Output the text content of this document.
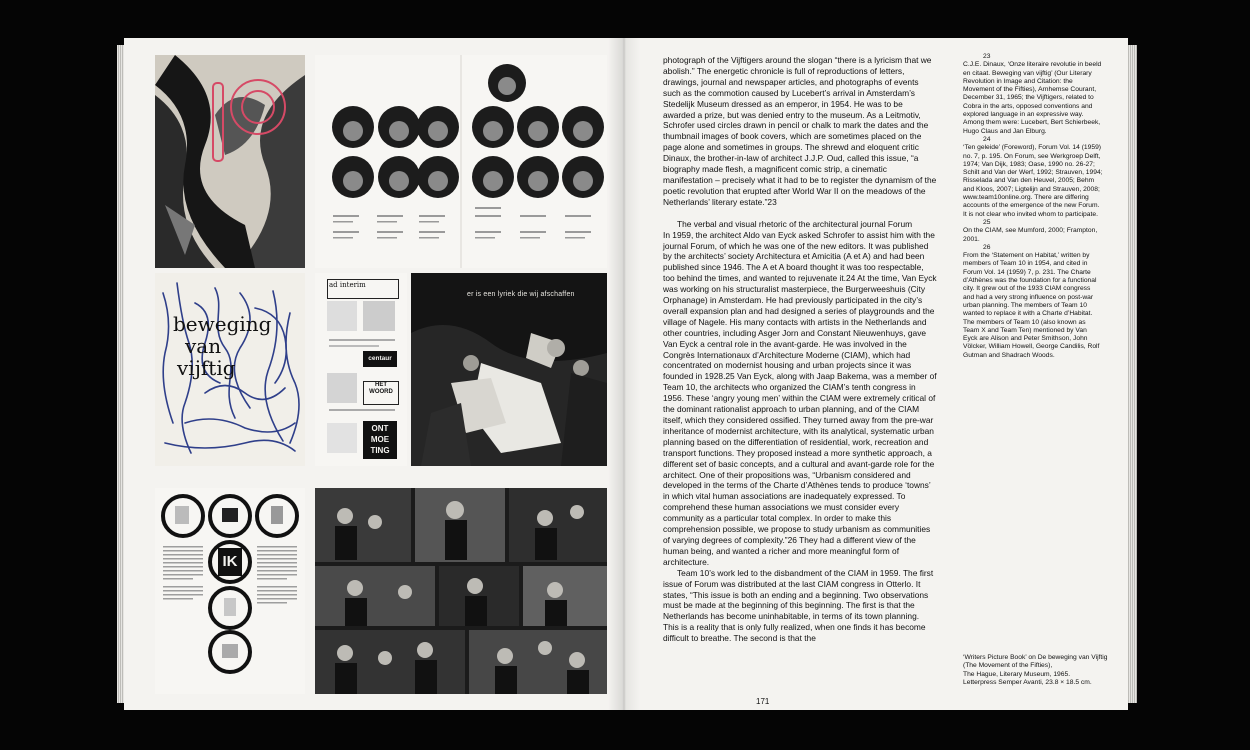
beweging
van
vijftig
ad interim
centaur
HET WOORD
ONT MOE TING
er is een lyriek die wij afschaffen
IK

photograph of the Vijftigers around the slogan “there is a lyricism that we abolish.” The energetic chronicle is full of reproductions of letters, drawings, journal and newspaper articles, and photographs of events such as the commotion caused by Lucebert’s arrival in Amsterdam’s Stedelijk Museum dressed as an emperor, in 1954. He was to be awarded a prize, but was denied entry to the museum. As a Leitmotiv, Schrofer used circles drawn in pencil or chalk to mark the dates and the thumbnail images of book covers, which are sometimes placed on the page alone and sometimes in groups. The shrewd and eloquent critic Dinaux, the brother-in-law of architect J.J.P. Oud, called this issue, “a biography made flesh, a magnificent comic strip, a cinematic manifestation – precisely what it had to be to register the dynamism of the poetic revolution that erupted after World War II on the meadows of the Netherlands’ literary estate.”23

The verbal and visual rhetoric of the architectural journal Forum

In 1959, the architect Aldo van Eyck asked Schrofer to assist him with the journal Forum, of which he was one of the new editors. It was published by the architects’ society Architectura et Amicitia (A et A) and had been published since 1946. The A et A board thought it was too respectable, too behind the times, and wanted to rejuvenate it.24 At the time, Van Eyck was working on his structuralist masterpiece, the Burgerweeshuis (City Orphanage) in Amsterdam. He had previously participated in the city’s overall expansion plan and had designed a series of playgrounds and the village of Nagele. His many contacts with artists in the Netherlands and other countries, including Asger Jorn and Constant Nieuwenhuys, gave Van Eyck a central role in the avant-garde. He was involved in the Congrès Internationaux d’Architecture Moderne (CIAM), which had concentrated on modernist housing and urban projects since it was founded in 1928.25 Van Eyck, along with Jaap Bakema, was a member of Team 10, the architects who organized the CIAM’s tenth congress in 1956. These ‘angry young men’ within the CIAM were extremely critical of the dominant rationalist approach to urban planning, and of the CIAM itself, which they considered ossified. They turned away from the pre-war inheritance of modernist architecture, with its analytical, systematic urban planning based on the differentiation of residential, work, recreation and transport functions. They proposed instead a more synthetic approach, a different set of basic concepts, and a cultural and avant-garde role for the architect. One of their propositions was, “Urbanism considered and developed in the terms of the Charte d’Athènes tends to produce ‘towns’ in which vital human associations are inadequately expressed. To comprehend these human associations we must consider every community as a particular total complex. In order to make this comprehension possible, we propose to study urbanism as communities of varying degrees of complexity.”26 They had a different view of the human being, and wanted a richer and more meaningful form of architecture.

Team 10’s work led to the disbandment of the CIAM in 1959. The first issue of Forum was distributed at the last CIAM congress in Otterlo. It states, “This issue is both an ending and a beginning. Two observations must be made at the beginning of this beginning. The first is that the Netherlands has become uninhabitable, in terms of its town planning. This is a reality that is only fully realized, when one finds it has become difficult to breathe. The second is that the

23

C.J.E. Dinaux, ‘Onze literaire revolutie in beeld en citaat. Beweging van vijftig’ (Our Literary Revolution in Image and Citation: the Movement of the Fifties), Arnhemse Courant, December 31, 1965; the Vijftigers, related to Cobra in the arts, opposed conventions and explored language in an expressive way. Among them were: Lucebert, Bert Schierbeek, Hugo Claus and Jan Elburg.

24

‘Ten geleide’ (Foreword), Forum Vol. 14 (1959) no. 7, p. 195. On Forum, see Werkgroep Delft, 1974; Van Dijk, 1983; Oase, 1990 no. 26-27; Schilt and Van der Werf, 1992; Strauven, 1994; Risselada and Van den Heuvel, 2005; Behm and Kloos, 2007; Ligtelijn and Strauven, 2008; www.team10online.org. There are differing accounts of the emergence of the new Forum. It is not clear who invited whom to participate.

25

On the CIAM, see Mumford, 2000; Frampton, 2001.

26

From the ‘Statement on Habitat,’ written by members of Team 10 in 1954, and cited in Forum Vol. 14 (1959) 7, p. 231. The Charte d’Athènes was the foundation for a functional city. It grew out of the 1933 CIAM congress and had a very strong influence on post-war urban planning. The members of Team 10 wanted to replace it with a Charte d’Habitat. The members of Team 10 (also known as Team X and Team Ten) mentioned by Van Eyck are Alison and Peter Smithson, John Völcker, William Howell, George Candilis, Rolf Gutman and Shadrach Woods.

‘Writers Picture Book’ on De beweging van Vijftig (The Movement of the Fifties),

The Hague, Literary Museum, 1965.

Letterpress Semper Avanti, 23.8 × 18.5 cm.

171
